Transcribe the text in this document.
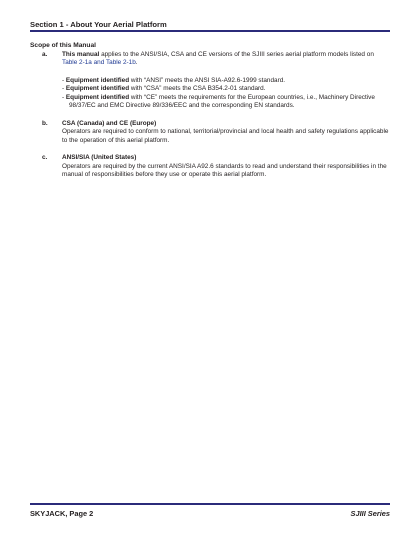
Section 1 - About Your Aerial Platform
Scope of this Manual
a. This manual applies to the ANSI/SIA, CSA and CE versions of the SJIII series aerial platform models listed on Table 2-1a and Table 2-1b.

- Equipment identified with “ANSI” meets the ANSI SIA-A92.6-1999 standard.

- Equipment identified with “CSA” meets the CSA B354.2-01 standard.

- Equipment identified with “CE” meets the requirements for the European countries, i.e., Machinery Directive 98/37/EC and EMC Directive 89/336/EEC and the corresponding EN standards.

b. CSA (Canada) and CE (Europe)
Operators are required to conform to national, territorial/provincial and local health and safety regulations applicable to the operation of this aerial platform.
c. ANSI/SIA (United States)
Operators are required by the current ANSI/SIA A92.6 standards to read and understand their responsibilities in the manual of responsibilities before they use or operate this aerial platform.
SKYJACK, Page 2	SJIII Series
